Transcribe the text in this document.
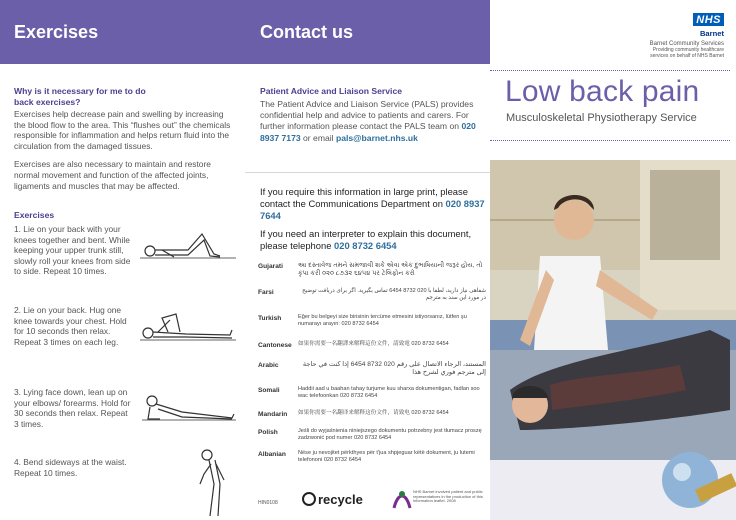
Exercises
Why is it necessary for me to do
back exercises?

Exercises help decrease pain and swelling by increasing the blood flow to the area. This “flushes out” the chemicals responsible for inflammation and helps return fluid into the circulation from the damaged tissues.

Exercises are also necessary to maintain and restore normal movement and function of the affected joints, ligaments and muscles that may be affected.

Exercises
1. Lie on your back with your knees together and bent. While keeping your upper trunk still, slowly roll your knees from side to side. Repeat 10 times.
2. Lie on your back. Hug one knee towards your chest. Hold for 10 seconds then relax. Repeat 3 times on each leg.
3. Lying face down, lean up on your elbows/ forearms. Hold for 30 seconds then relax. Repeat 3 times.
4. Bend sideways at the waist. Repeat 10 times.
Contact us
Patient Advice and Liaison Service
The Patient Advice and Liaison Service (PALS) provides confidential help and advice to patients and carers. For further information please contact the PALS team on 020 8937 7173 or email pals@barnet.nhs.uk

If you require this information in large print, please contact the Communications Department on 020 8937 7644

If you need an interpreter to explain this document, please telephone 020 8732 6454

Gujarati	આ દસ્તાવેજ તમને સમજાવી શકે એવા એક દુભાષિયાની જરૂર હોય, તો કૃપા કરી ૦૨૦ ૮૭૩૨ ૬૪૫૪ પર ટેલિફોન કરો
Farsi	شفاهی نیاز دارید، لطفا با 020 8732 6454 تماس بگیرید. اگر برای دریافت توضیح در مورد این سند به مترجم
Turkish	Eğer bu belgeyi size birisinin tercüme etmesini istiyorsanız, lütfen şu numarayı arayın: 020 8732 6454
Cantonese	如果你需要一名翻譯來解釋這份文件，請致電 020 8732 6454
Arabic	المستند، الرجاء الاتصال على رقم 020 8732 6454 إذا كنت في حاجة إلى مترجم فوري لشرح هذا
Somali	Haddii aad u baahan tahay turjume kuu sharxa dokumentigan, fadlan soo wac telefoonkan 020 8732 6454
Mandarin	如果你需要一名翻译来解释这份文件，请致电 020 8732 6454
Polish	Jeśli do wyjaśnienia niniejszego dokumentu potrzebny jest tłumacz proszę zadzwonić pod numer 020 8732 6454
Albanian	Nëse ju nevojitet përkthyes për t'jua shpjeguar këtë dokument, ju lutemi telefononi 020 8732 6454
HIN0108	recycle
NHS Barnet involved patient and public representatives in the production of this information leaflet. 2008
NHS
Barnet
Barnet Community Services
Providing community healthcare
services on behalf of NHS Barnet
Low back pain
Musculoskeletal Physiotherapy Service
